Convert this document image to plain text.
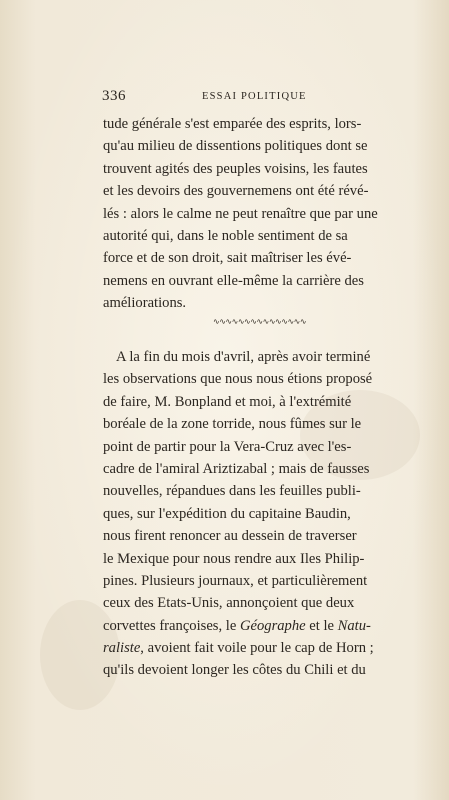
336	ESSAI POLITIQUE
tude générale s'est emparée des esprits, lors-
qu'au milieu de dissentions politiques dont se
trouvent agités des peuples voisins, les fautes
et les devoirs des gouvernemens ont été révé-
lés : alors le calme ne peut renaître que par une
autorité qui, dans le noble sentiment de sa
force et de son droit, sait maîtriser les évé-
nemens en ouvrant elle-même la carrière des
améliorations.
∿∿∿∿∿∿∿∿∿∿∿∿∿∿∿
A la fin du mois d'avril, après avoir terminé
les observations que nous nous étions proposé
de faire, M. Bonpland et moi, à l'extrémité
boréale de la zone torride, nous fûmes sur le
point de partir pour la Vera-Cruz avec l'es-
cadre de l'amiral Ariztizabal ; mais de fausses
nouvelles, répandues dans les feuilles publi-
ques, sur l'expédition du capitaine Baudin,
nous firent renoncer au dessein de traverser
le Mexique pour nous rendre aux Iles Philip-
pines. Plusieurs journaux, et particulièrement
ceux des Etats-Unis, annonçoient que deux
corvettes françoises, le Géographe et le Natu-
raliste, avoient fait voile pour le cap de Horn ;
qu'ils devoient longer les côtes du Chili et du
